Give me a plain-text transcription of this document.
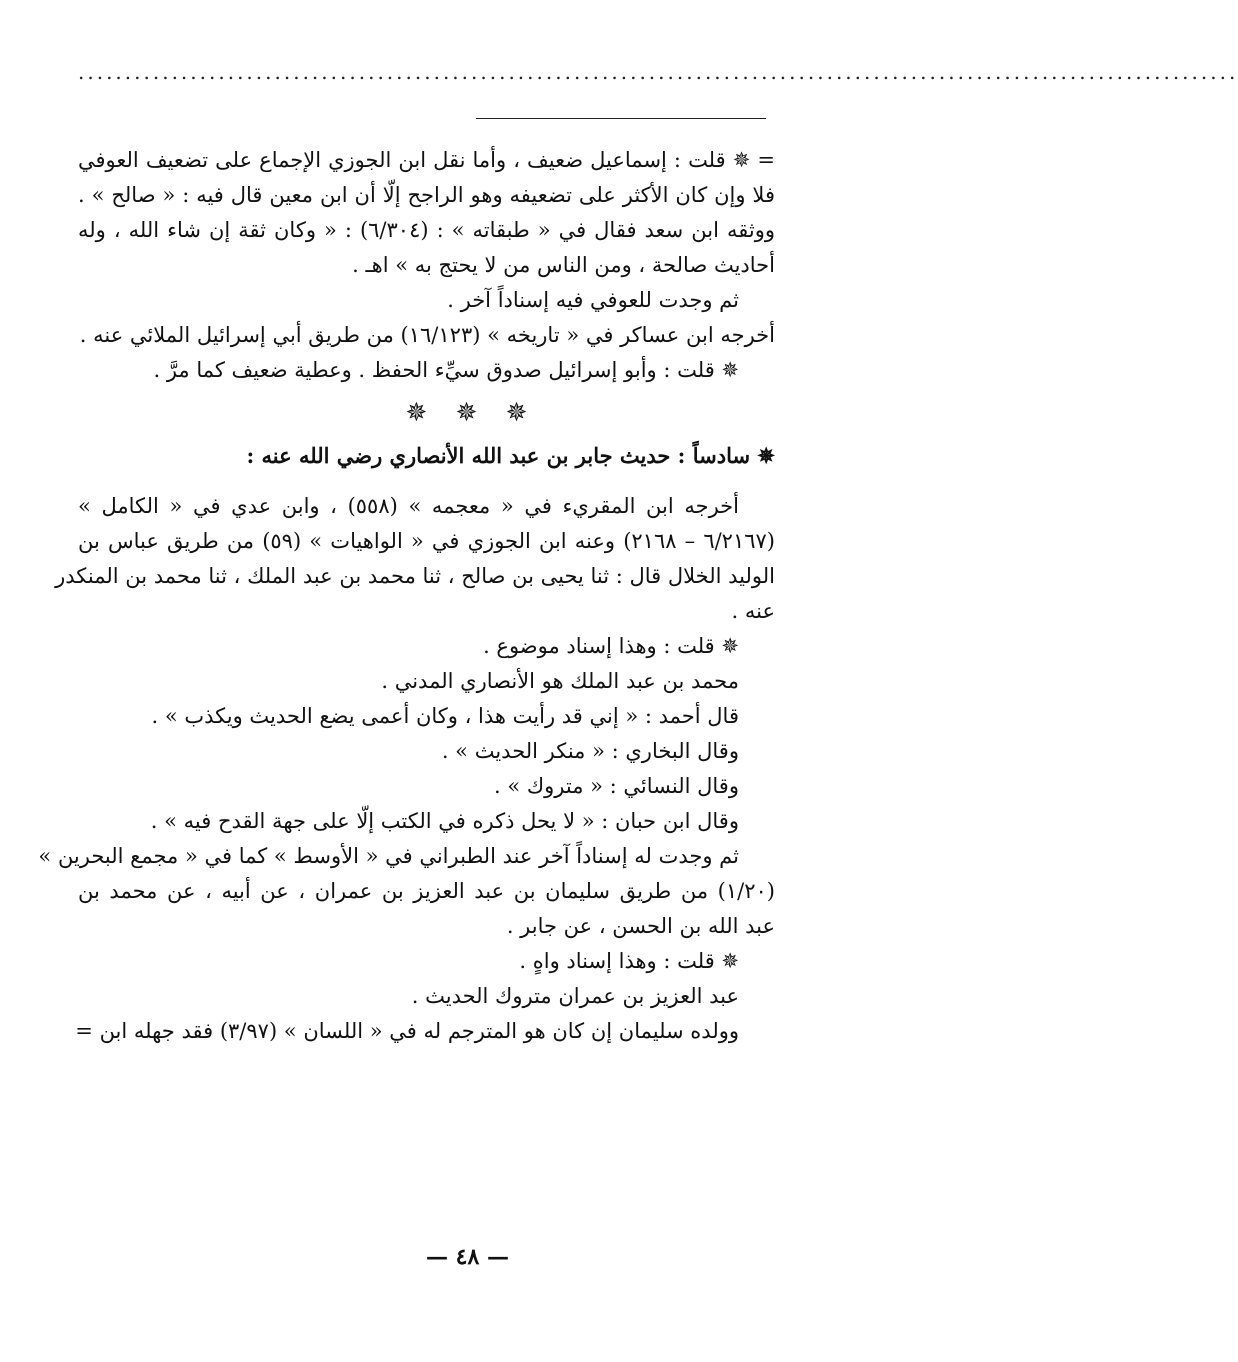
............................................................................................................................
= ✵ قلت : إسماعيل ضعيف ، وأما نقل ابن الجوزي الإجماع على تضعيف العوفي
فلا وإن كان الأكثر على تضعيفه وهو الراجح إلّا أن ابن معين قال فيه : « صالح » .
ووثقه ابن سعد فقال في « طبقاته » : (٦/٣٠٤) : « وكان ثقة إن شاء الله ، وله
أحاديث صالحة ، ومن الناس من لا يحتج به » اهـ .
ثم وجدت للعوفي فيه إسناداً آخر .
أخرجه ابن عساكر في « تاريخه » (١٦/١٢٣) من طريق أبي إسرائيل الملائي عنه .
✵ قلت : وأبو إسرائيل صدوق سيِّء الحفظ . وعطية ضعيف كما مرَّ .
✵ ✵ ✵
✵ سادساً : حديث جابر بن عبد الله الأنصاري رضي الله عنه :
أخرجه ابن المقريء في « معجمه » (٥٥٨) ، وابن عدي في « الكامل »
(٦/٢١٦٧ – ٢١٦٨) وعنه ابن الجوزي في « الواهيات » (٥٩) من طريق عباس بن
الوليد الخلال قال : ثنا يحيى بن صالح ، ثنا محمد بن عبد الملك ، ثنا محمد بن المنكدر
عنه .
✵ قلت : وهذا إسناد موضوع .
محمد بن عبد الملك هو الأنصاري المدني .
قال أحمد : « إني قد رأيت هذا ، وكان أعمى يضع الحديث ويكذب » .
وقال البخاري : « منكر الحديث » .
وقال النسائي : « متروك » .
وقال ابن حبان : « لا يحل ذكره في الكتب إلّا على جهة القدح فيه » .
ثم وجدت له إسناداً آخر عند الطبراني في « الأوسط » كما في « مجمع البحرين »
(١/٢٠) من طريق سليمان بن عبد العزيز بن عمران ، عن أبيه ، عن محمد بن
عبد الله بن الحسن ، عن جابر .
✵ قلت : وهذا إسناد واهٍ .
عبد العزيز بن عمران متروك الحديث .
وولده سليمان إن كان هو المترجم له في « اللسان » (٣/٩٧) فقد جهله ابن =
— ٤٨ —
